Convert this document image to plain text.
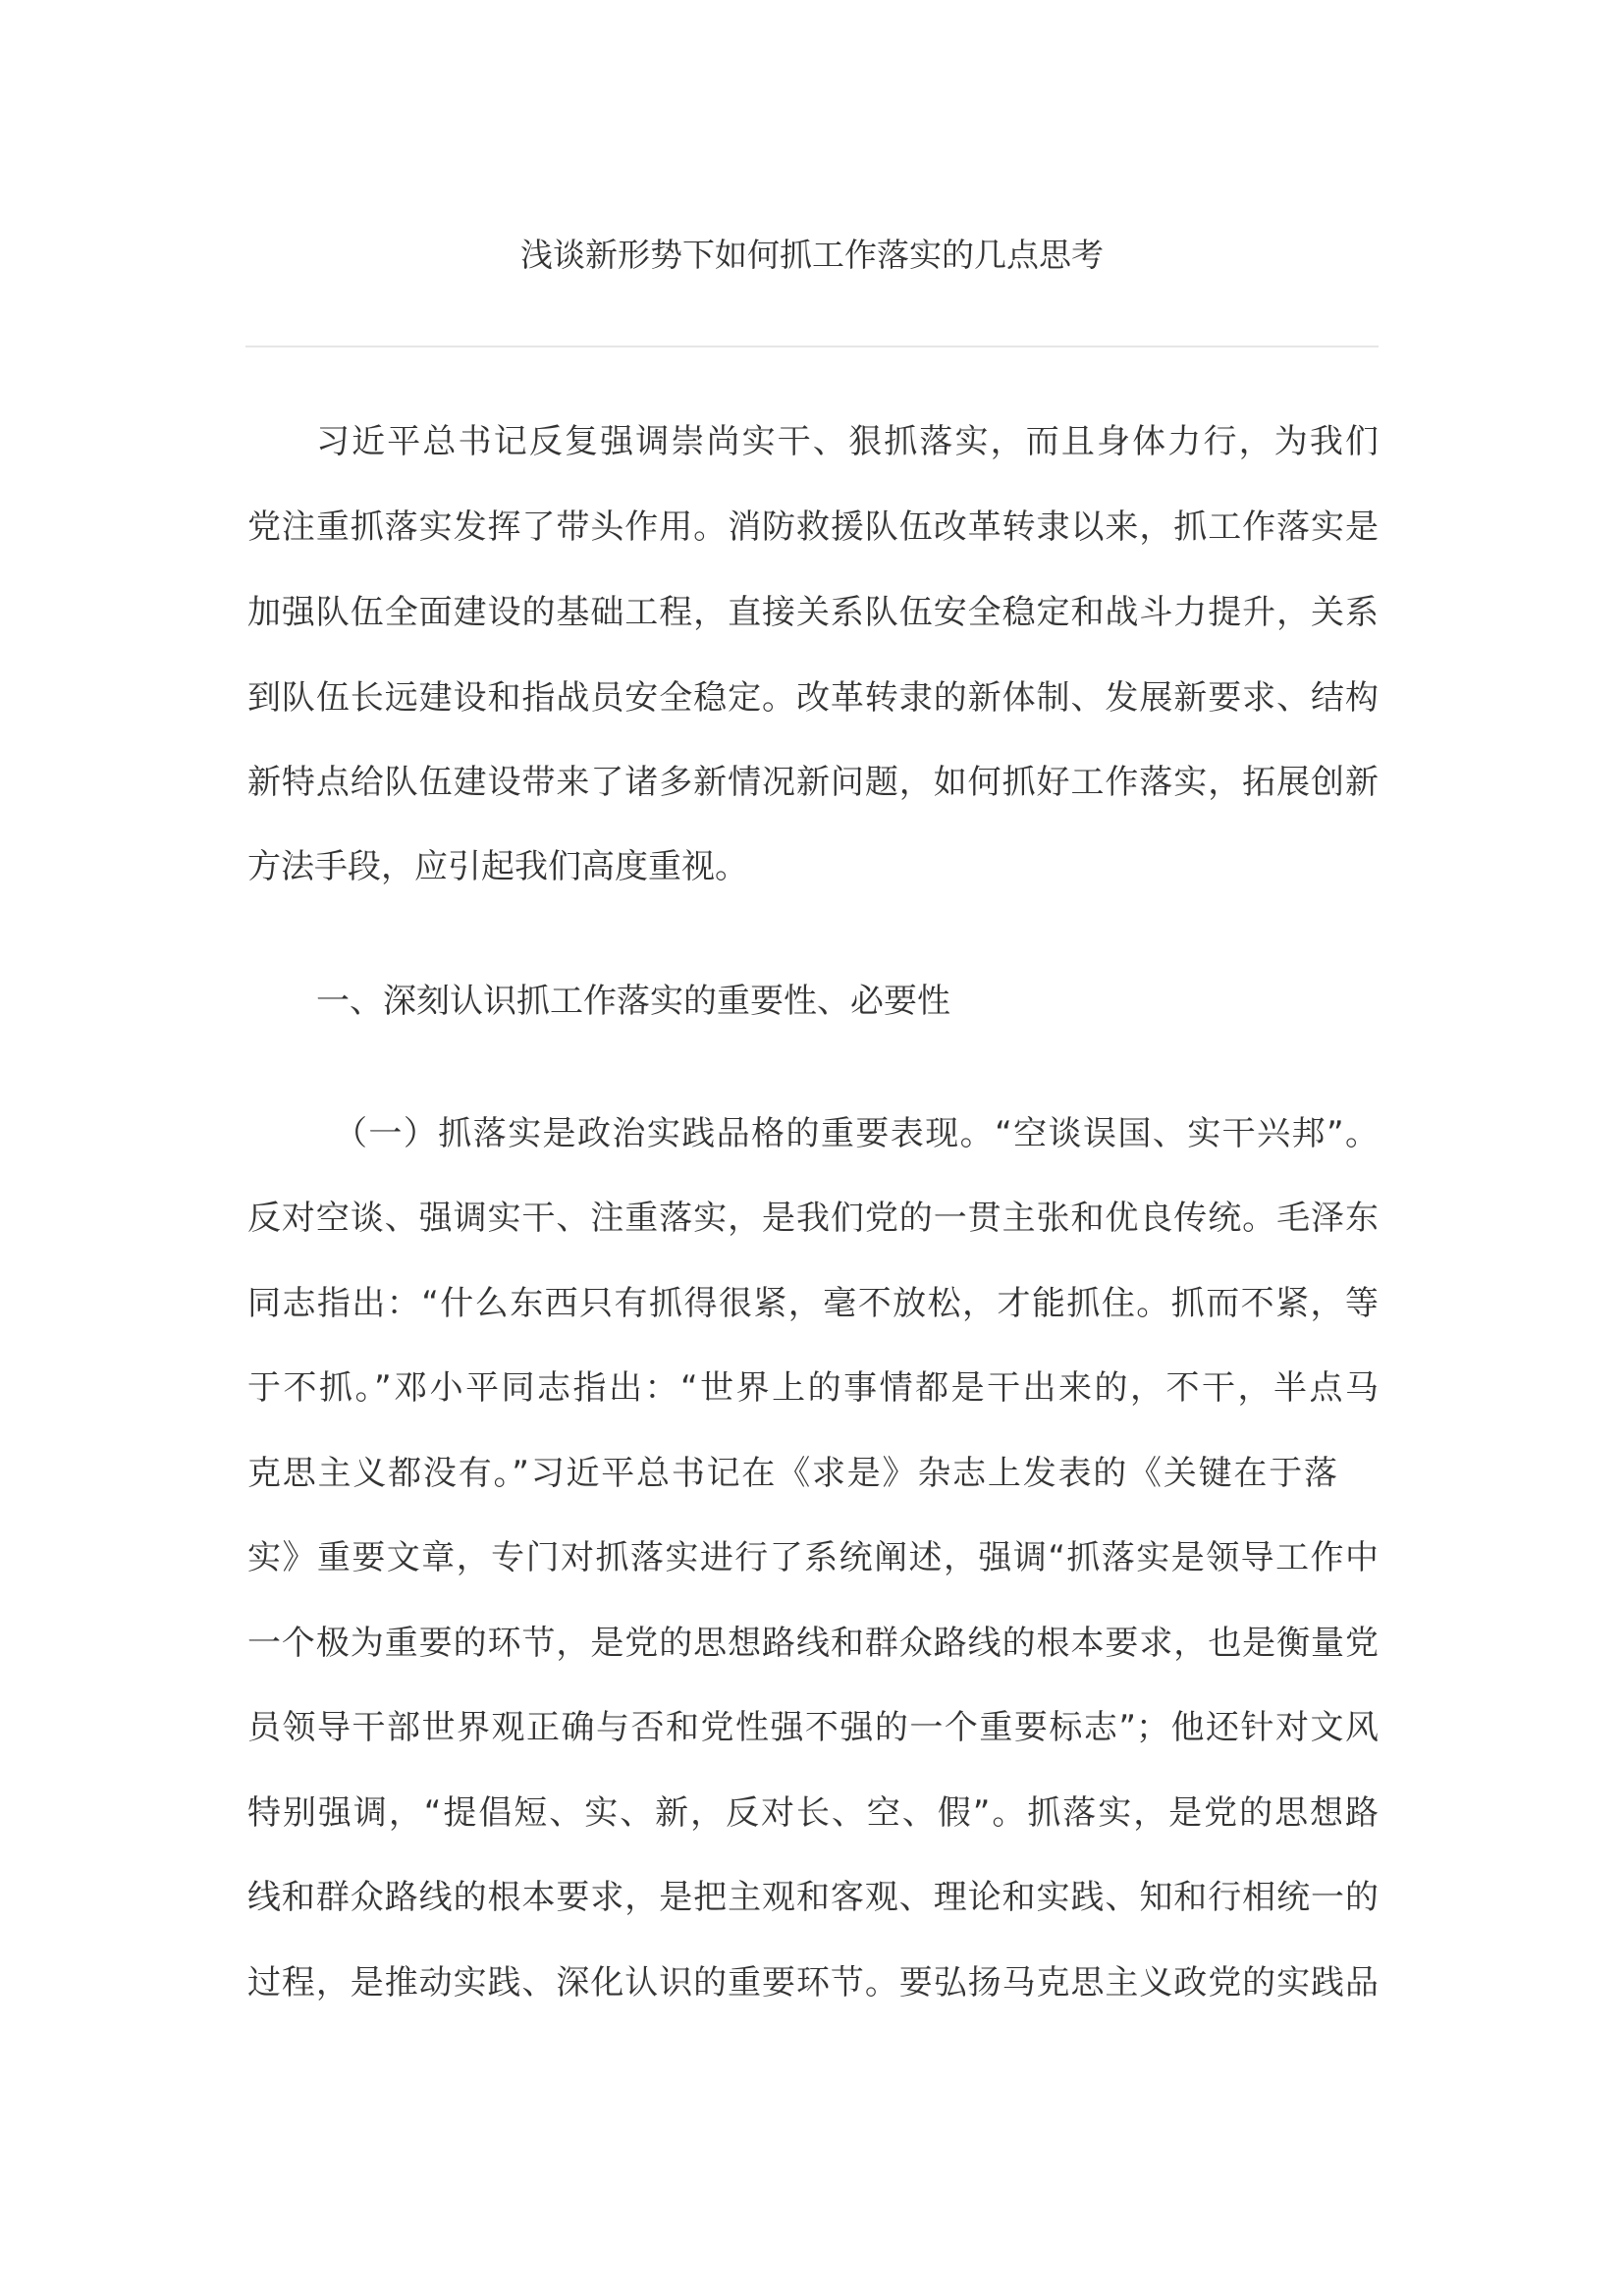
浅谈新形势下如何抓工作落实的几点思考
习近平总书记反复强调崇尚实干、狠抓落实，而且身体力行，为我们
党注重抓落实发挥了带头作用。消防救援队伍改革转隶以来，抓工作落实是
加强队伍全面建设的基础工程，直接关系队伍安全稳定和战斗力提升，关系
到队伍长远建设和指战员安全稳定。改革转隶的新体制、发展新要求、结构
新特点给队伍建设带来了诸多新情况新问题，如何抓好工作落实，拓展创新
方法手段，应引起我们高度重视。
一、深刻认识抓工作落实的重要性、必要性
（一）抓落实是政治实践品格的重要表现。“空谈误国、实干兴邦”。
反对空谈、强调实干、注重落实，是我们党的一贯主张和优良传统。毛泽东
同志指出：“什么东西只有抓得很紧，毫不放松，才能抓住。抓而不紧，等
于不抓。”邓小平同志指出：“世界上的事情都是干出来的，不干，半点马
克思主义都没有。”习近平总书记在《求是》杂志上发表的《关键在于落
实》重要文章，专门对抓落实进行了系统阐述，强调“抓落实是领导工作中
一个极为重要的环节，是党的思想路线和群众路线的根本要求，也是衡量党
员领导干部世界观正确与否和党性强不强的一个重要标志”；他还针对文风
特别强调，“提倡短、实、新，反对长、空、假”。抓落实，是党的思想路
线和群众路线的根本要求，是把主观和客观、理论和实践、知和行相统一的
过程，是推动实践、深化认识的重要环节。要弘扬马克思主义政党的实践品
